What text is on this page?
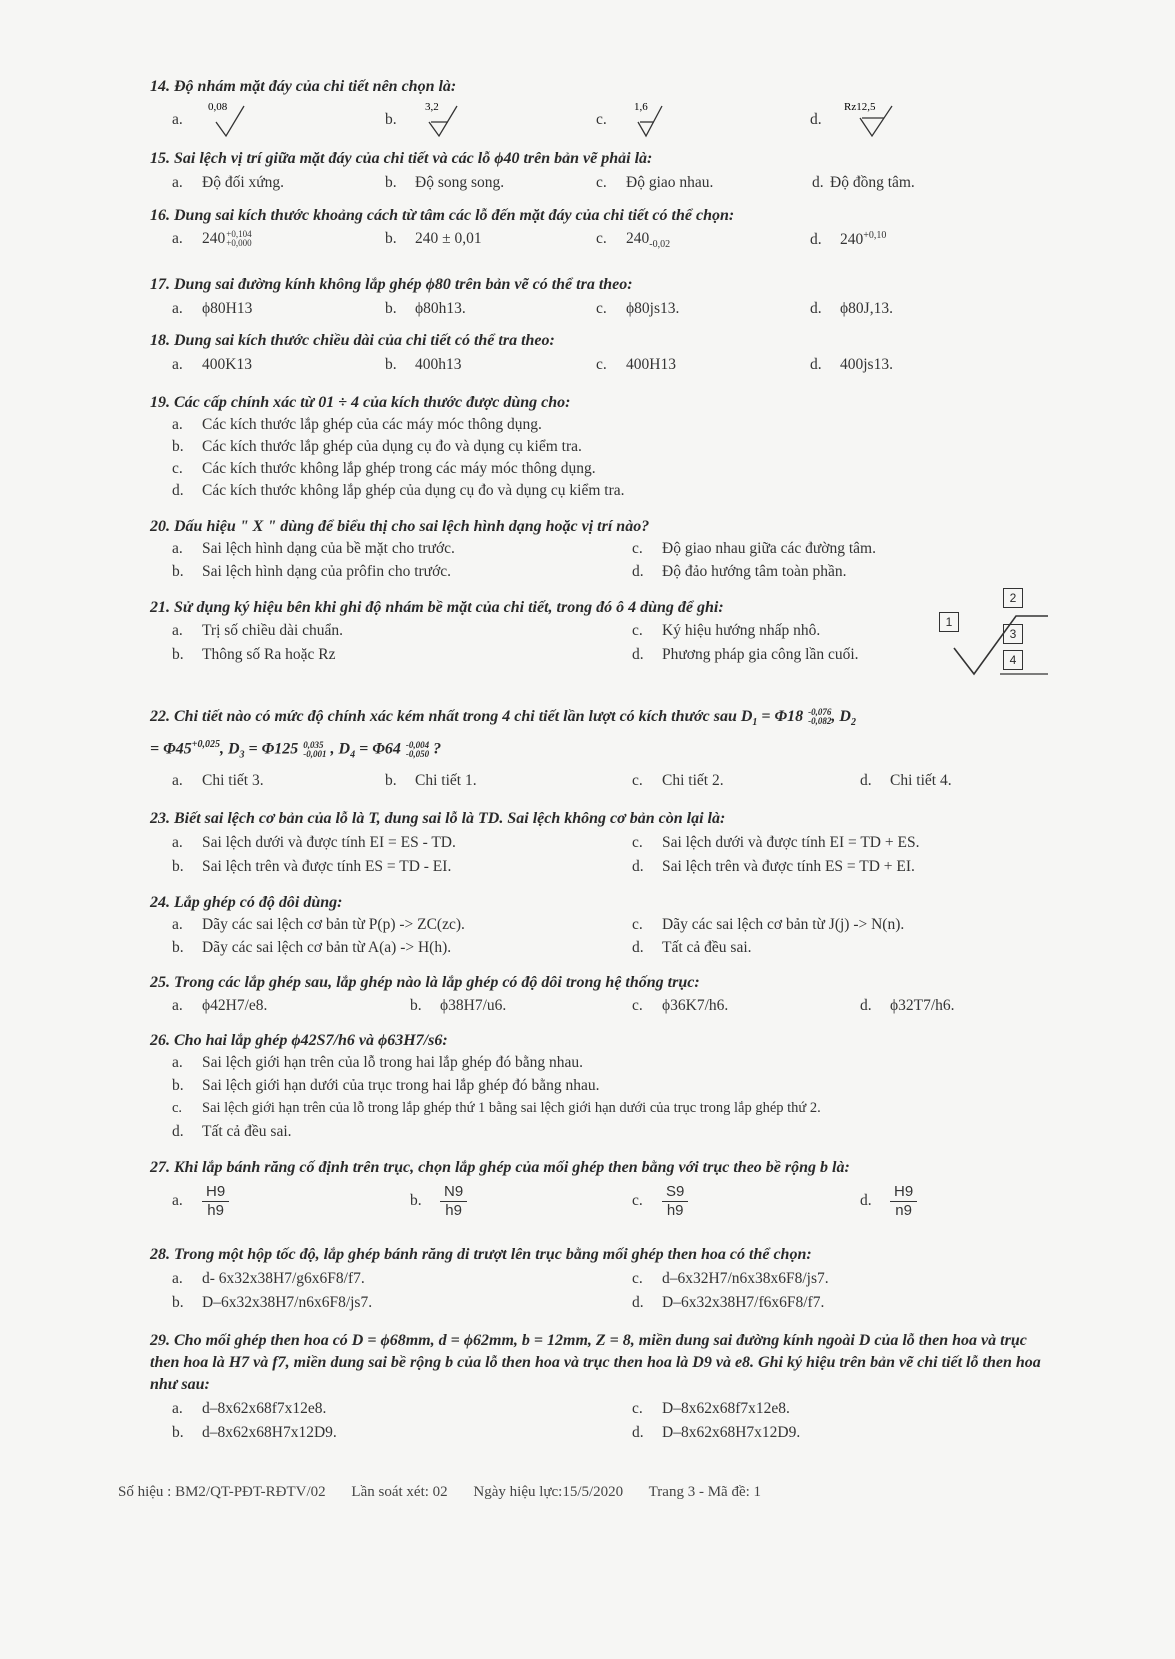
14. Độ nhám mặt đáy của chi tiết nên chọn là:
a.
0,08
b.
3,2
c.
1,6
d.
Rz12,5
15. Sai lệch vị trí giữa mặt đáy của chi tiết và các lỗ ϕ40 trên bản vẽ phải là:
a. Độ đối xứng.	b. Độ song song.	c. Độ giao nhau.	d. Độ đồng tâm.
16. Dung sai kích thước khoảng cách từ tâm các lỗ đến mặt đáy của chi tiết có thể chọn:
a. 240 +0,104
+0,000	b. 240 ± 0,01	c. $240_{-0,02}$	d. $240^{+0,10}$
17. Dung sai đường kính không lắp ghép ϕ80 trên bản vẽ có thể tra theo:
a. ϕ80H13	b. ϕ80h13.	c. ϕ80js13.	d. ϕ80J,13.
18. Dung sai kích thước chiều dài của chi tiết có thể tra theo:
a. 400K13	b. 400h13	c. 400H13	d. 400js13.
19. Các cấp chính xác từ 01 ÷ 4 của kích thước được dùng cho:
a. Các kích thước lắp ghép của các máy móc thông dụng.
b. Các kích thước lắp ghép của dụng cụ đo và dụng cụ kiểm tra.
c. Các kích thước không lắp ghép trong các máy móc thông dụng.
d. Các kích thước không lắp ghép của dụng cụ đo và dụng cụ kiểm tra.
20. Dấu hiệu " X " dùng để biểu thị cho sai lệch hình dạng hoặc vị trí nào?
a. Sai lệch hình dạng của bề mặt cho trước.
b. Sai lệch hình dạng của prôfin cho trước.
c. Độ giao nhau giữa các đường tâm.
d. Độ đảo hướng tâm toàn phần.
21. Sử dụng ký hiệu bên khi ghi độ nhám bề mặt của chi tiết, trong đó ô 4 dùng để ghi:
a. Trị số chiều dài chuẩn.
b. Thông số Ra hoặc Rz
c. Ký hiệu hướng nhấp nhô.
d. Phương pháp gia công lần cuối.
1
2
3
4
22. Chi tiết nào có mức độ chính xác kém nhất trong 4 chi tiết lần lượt có kích thước sau $D_1 = \Phi 18$ -0,076
-0,082 , $D_2$
= $\Phi 45^{+0,025}$, $D_3 = \Phi 125$ 0,035
-0,001 , $D_4 = \Phi 64$ -0,004
-0,050 ?
a. Chi tiết 3.	b. Chi tiết 1.	c. Chi tiết 2.	d. Chi tiết 4.
23. Biết sai lệch cơ bản của lỗ là T, dung sai lỗ là TD. Sai lệch không cơ bản còn lại là:
a. Sai lệch dưới và được tính EI = ES - TD.
b. Sai lệch trên và được tính ES = TD - EI.
c. Sai lệch dưới và được tính EI = TD + ES.
d. Sai lệch trên và được tính ES = TD + EI.
24. Lắp ghép có độ dôi dùng:
a. Dãy các sai lệch cơ bản từ P(p) -> ZC(zc).
b. Dãy các sai lệch cơ bản từ A(a) -> H(h).
c. Dãy các sai lệch cơ bản từ J(j) -> N(n).
d. Tất cả đều sai.
25. Trong các lắp ghép sau, lắp ghép nào là lắp ghép có độ dôi trong hệ thống trục:
a. ϕ42H7/e8.	b. ϕ38H7/u6.	c. ϕ36K7/h6.	d. ϕ32T7/h6.
26. Cho hai lắp ghép ϕ42S7/h6 và ϕ63H7/s6:
a. Sai lệch giới hạn trên của lỗ trong hai lắp ghép đó bằng nhau.
b. Sai lệch giới hạn dưới của trục trong hai lắp ghép đó bằng nhau.
c. Sai lệch giới hạn trên của lỗ trong lắp ghép thứ 1 bằng sai lệch giới hạn dưới của trục trong lắp ghép thứ 2.
d. Tất cả đều sai.
27. Khi lắp bánh răng cố định trên trục, chọn lắp ghép của mối ghép then bằng với trục theo bề rộng b là:
a. $\frac{H9}{h9}$	b. $\frac{N9}{h9}$	c. $\frac{S9}{h9}$	d. $\frac{H9}{n9}$
28. Trong một hộp tốc độ, lắp ghép bánh răng di trượt lên trục bằng mối ghép then hoa có thể chọn:
a. d- 6x32x38H7/g6x6F8/f7.
b. D–6x32x38H7/n6x6F8/js7.
c. d–6x32H7/n6x38x6F8/js7.
d. D–6x32x38H7/f6x6F8/f7.
29. Cho mối ghép then hoa có D = ϕ68mm, d = ϕ62mm, b = 12mm, Z = 8, miền dung sai đường kính ngoài D của lỗ then hoa và trục then hoa là H7 và f7, miền dung sai bề rộng b của lỗ then hoa và trục then hoa là D9 và e8. Ghi ký hiệu trên bản vẽ chi tiết lỗ then hoa như sau:
a. d–8x62x68f7x12e8.
b. d–8x62x68H7x12D9.
c. D–8x62x68f7x12e8.
d. D–8x62x68H7x12D9.
Số hiệu : BM2/QT-PĐT-RĐTV/02 Lần soát xét: 02 Ngày hiệu lực:15/5/2020 Trang 3 - Mã đề: 1
